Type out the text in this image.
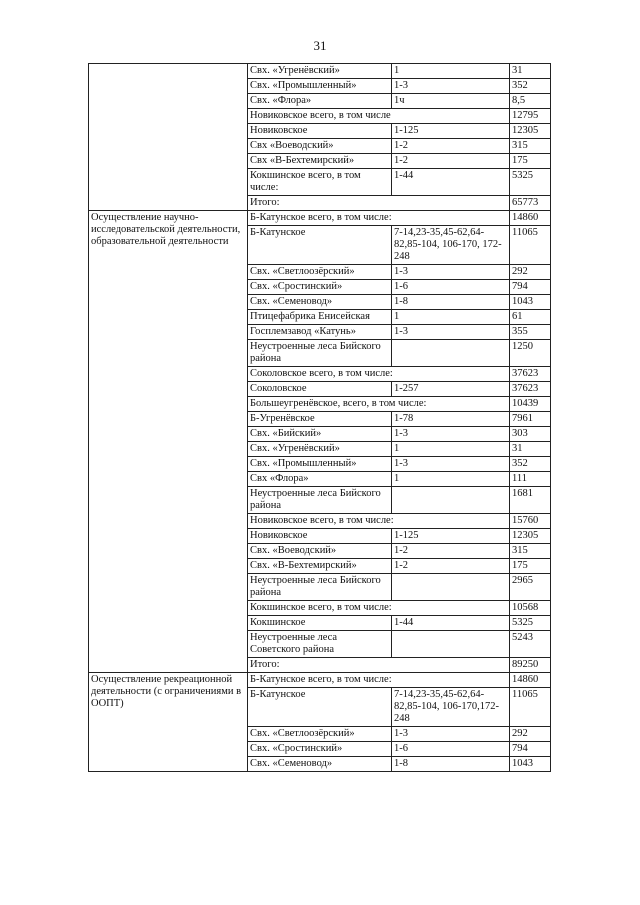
31
	Свх. «Угренёвский»	1	31
	Свх. «Промышленный»	1-3	352
	Свх. «Флора»	1ч	8,5
	Новиковское всего, в том числе		12795
	Новиковское	1-125	12305
	Свх «Воеводский»	1-2	315
	Свх «В-Бехтемирский»	1-2	175
	Кокшинское всего, в том числе:	1-44	5325
	Итого:		65773
Осуществление научно-исследовательской деятельности, образовательной деятельности	Б-Катунское всего, в том числе:		14860
	Б-Катунское	7-14,23-35,45-62,64-82,85-104, 106-170, 172-248	11065
	Свх. «Светлоозёрский»	1-3	292
	Свх. «Сростинский»	1-6	794
	Свх. «Семеновод»	1-8	1043
	Птицефабрика Енисейская	1	61
	Госплемзавод «Катунь»	1-3	355
	Неустроенные леса Бийского района		1250
	Соколовское всего, в том числе:		37623
	Соколовское	1-257	37623
	Большеугренёвское, всего, в том числе:		10439
	Б-Угренёвское	1-78	7961
	Свх. «Бийский»	1-3	303
	Свх. «Угренёвский»	1	31
	Свх. «Промышленный»	1-3	352
	Свх «Флора»	1	111
	Неустроенные леса Бийского района		1681
	Новиковское всего, в том числе:		15760
	Новиковское	1-125	12305
	Свх. «Воеводский»	1-2	315
	Свх. «В-Бехтемирский»	1-2	175
	Неустроенные леса Бийского района		2965
	Кокшинское всего, в том числе:		10568
	Кокшинское	1-44	5325
	Неустроенные леса Советского района		5243
	Итого:		89250
Осуществление рекреационной деятельности (с ограничениями в ООПТ)	Б-Катунское всего, в том числе:		14860
	Б-Катунское	7-14,23-35,45-62,64-82,85-104, 106-170,172-248	11065
	Свх. «Светлоозёрский»	1-3	292
	Свх. «Сростинский»	1-6	794
	Свх. «Семеновод»	1-8	1043
